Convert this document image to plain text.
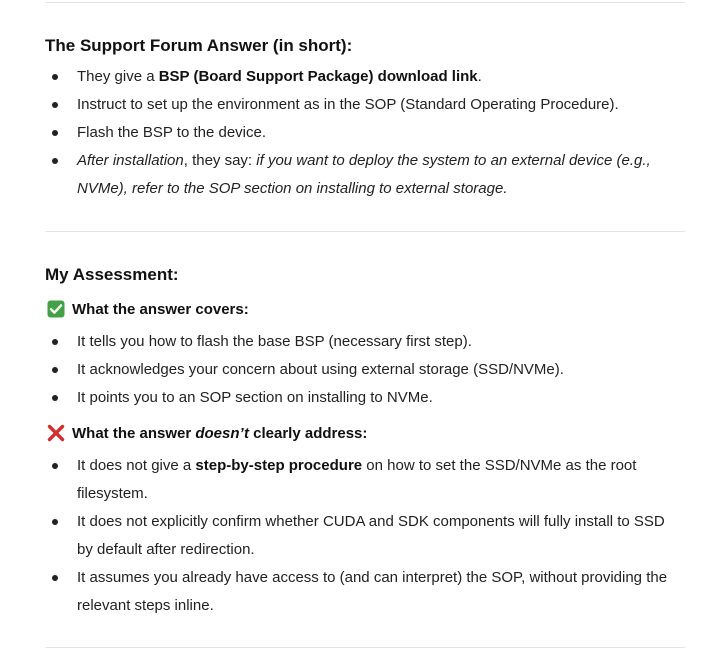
The Support Forum Answer (in short):
They give a BSP (Board Support Package) download link.
Instruct to set up the environment as in the SOP (Standard Operating Procedure).
Flash the BSP to the device.
After installation, they say: if you want to deploy the system to an external device (e.g., NVMe), refer to the SOP section on installing to external storage.
My Assessment:
What the answer covers:
It tells you how to flash the base BSP (necessary first step).
It acknowledges your concern about using external storage (SSD/NVMe).
It points you to an SOP section on installing to NVMe.
What the answer
doesn’t
clearly address:
It does not give a step-by-step procedure on how to set the SSD/NVMe as the root filesystem.
It does not explicitly confirm whether CUDA and SDK components will fully install to SSD by default after redirection.
It assumes you already have access to (and can interpret) the SOP, without providing the relevant steps inline.
